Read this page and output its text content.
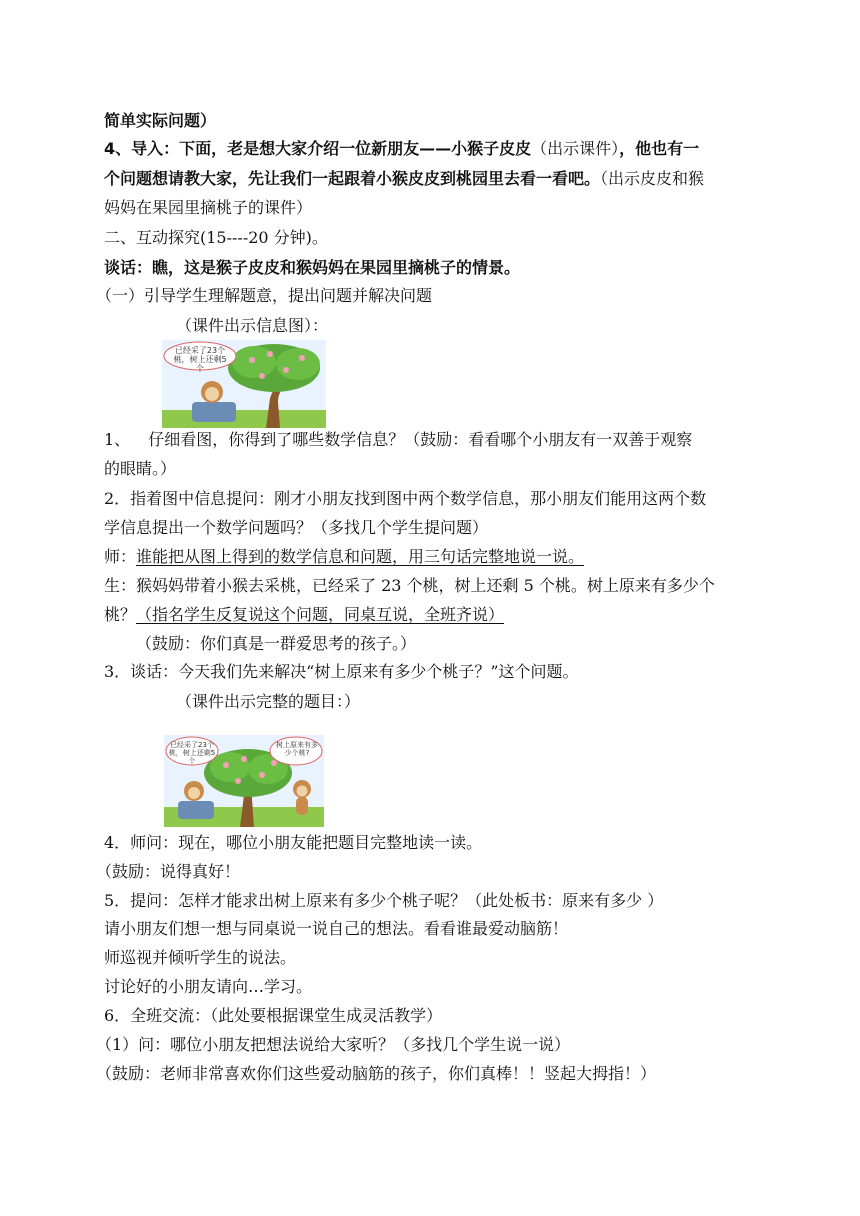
简单实际问题）
4、导入：下面，老是想大家介绍一位新朋友——小猴子皮皮（出示课件），他也有一
个问题想请教大家，先让我们一起跟着小猴皮皮到桃园里去看一看吧。（出示皮皮和猴
妈妈在果园里摘桃子的课件）
二、互动探究(15----20 分钟)。
谈话：瞧，这是猴子皮皮和猴妈妈在果园里摘桃子的情景。
（一）引导学生理解题意，提出问题并解决问题
（课件出示信息图）：
已经采了23个桃，树上还剩5个
1、 仔细看图，你得到了哪些数学信息？（鼓励：看看哪个小朋友有一双善于观察
的眼睛。）
2．指着图中信息提问：刚才小朋友找到图中两个数学信息，那小朋友们能用这两个数
学信息提出一个数学问题吗？（多找几个学生提问题）
师：谁能把从图上得到的数学信息和问题，用三句话完整地说一说。
生：猴妈妈带着小猴去采桃，已经采了 23 个桃，树上还剩 5 个桃。树上原来有多少个
桃？（指名学生反复说这个问题，同桌互说，全班齐说）
（鼓励：你们真是一群爱思考的孩子。）
3．谈话：今天我们先来解决“树上原来有多少个桃子？”这个问题。
（课件出示完整的题目：）
已经采了23个桃，树上还剩5个
树上原来有多少个桃?
4．师问：现在，哪位小朋友能把题目完整地读一读。
（鼓励：说得真好！
5．提问：怎样才能求出树上原来有多少个桃子呢？（此处板书：原来有多少 ）
请小朋友们想一想与同桌说一说自己的想法。看看谁最爱动脑筋！
师巡视并倾听学生的说法。
讨论好的小朋友请向…学习。
6．全班交流：（此处要根据课堂生成灵活教学）
（1）问：哪位小朋友把想法说给大家听？（多找几个学生说一说）
（鼓励：老师非常喜欢你们这些爱动脑筋的孩子，你们真棒！！竖起大拇指！）
